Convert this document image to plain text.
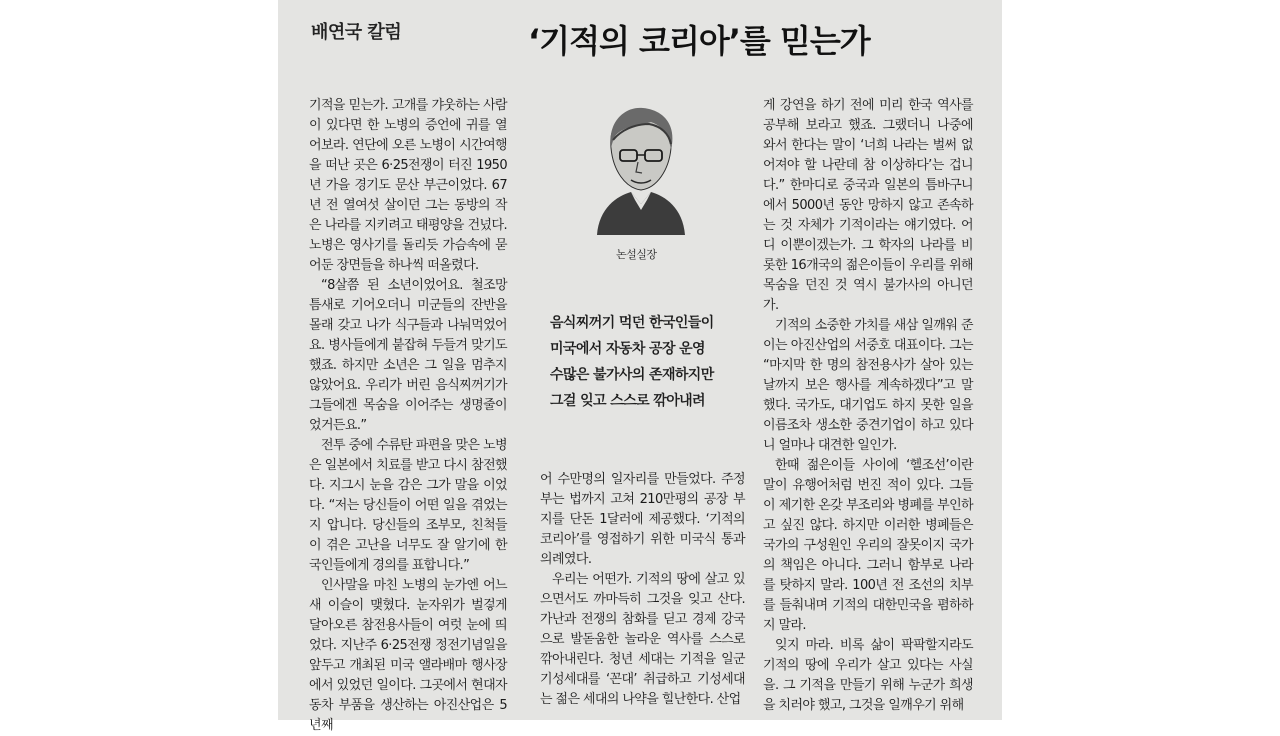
배연국 칼럼	‘기적의 코리아’를 믿는가

기적을 믿는가. 고개를 갸웃하는 사람이 있다면 한 노병의 증언에 귀를 열어보라. 연단에 오른 노병이 시간여행을 떠난 곳은 6·25전쟁이 터진 1950년 가을 경기도 문산 부근이었다. 67년 전 열여섯 살이던 그는 동방의 작은 나라를 지키려고 태평양을 건넜다. 노병은 영사기를 돌리듯 가슴속에 묻어둔 장면들을 하나씩 떠올렸다.

“8살쯤 된 소년이었어요. 철조망 틈새로 기어오더니 미군들의 잔반을 몰래 갖고 나가 식구들과 나눠먹었어요. 병사들에게 붙잡혀 두들겨 맞기도 했죠. 하지만 소년은 그 일을 멈추지 않았어요. 우리가 버린 음식찌꺼기가 그들에겐 목숨을 이어주는 생명줄이었거든요.”

전투 중에 수류탄 파편을 맞은 노병은 일본에서 치료를 받고 다시 참전했다. 지그시 눈을 감은 그가 말을 이었다. “저는 당신들이 어떤 일을 겪었는지 압니다. 당신들의 조부모, 친척들이 겪은 고난을 너무도 잘 알기에 한국인들에게 경의를 표합니다.”

인사말을 마친 노병의 눈가엔 어느새 이슬이 맺혔다. 눈자위가 벌겋게 달아오른 참전용사들이 여럿 눈에 띄었다. 지난주 6·25전쟁 정전기념일을 앞두고 개최된 미국 앨라배마 행사장에서 있었던 일이다. 그곳에서 현대자동차 부품을 생산하는 아진산업은 5년째

논설실장
음식찌꺼기 먹던 한국인들이
미국에서 자동차 공장 운영
수많은 불가사의 존재하지만
그걸 잊고 스스로 깎아내려

어 수만명의 일자리를 만들었다. 주정부는 법까지 고쳐 210만평의 공장 부지를 단돈 1달러에 제공했다. ‘기적의 코리아’를 영접하기 위한 미국식 통과의례였다.

우리는 어떤가. 기적의 땅에 살고 있으면서도 까마득히 그것을 잊고 산다. 가난과 전쟁의 참화를 딛고 경제 강국으로 발돋움한 놀라운 역사를 스스로 깎아내린다. 청년 세대는 기적을 일군 기성세대를 ‘꼰대’ 취급하고 기성세대는 젊은 세대의 나약을 힐난한다. 산업

게 강연을 하기 전에 미리 한국 역사를 공부해 보라고 했죠. 그랬더니 나중에 와서 한다는 말이 ‘너희 나라는 벌써 없어져야 할 나란데 참 이상하다’는 겁니다.” 한마디로 중국과 일본의 틈바구니에서 5000년 동안 망하지 않고 존속하는 것 자체가 기적이라는 얘기였다. 어디 이뿐이겠는가. 그 학자의 나라를 비롯한 16개국의 젊은이들이 우리를 위해 목숨을 던진 것 역시 불가사의 아니던가.

기적의 소중한 가치를 새삼 일깨워 준 이는 아진산업의 서중호 대표이다. 그는 “마지막 한 명의 참전용사가 살아 있는 날까지 보은 행사를 계속하겠다”고 말했다. 국가도, 대기업도 하지 못한 일을 이름조차 생소한 중견기업이 하고 있다니 얼마나 대견한 일인가.

한때 젊은이들 사이에 ‘헬조선’이란 말이 유행어처럼 번진 적이 있다. 그들이 제기한 온갖 부조리와 병폐를 부인하고 싶진 않다. 하지만 이러한 병폐들은 국가의 구성원인 우리의 잘못이지 국가의 책임은 아니다. 그러니 함부로 나라를 탓하지 말라. 100년 전 조선의 치부를 들춰내며 기적의 대한민국을 폄하하지 말라.

잊지 마라. 비록 삶이 팍팍할지라도 기적의 땅에 우리가 살고 있다는 사실을. 그 기적을 만들기 위해 누군가 희생을 치러야 했고, 그것을 일깨우기 위해
